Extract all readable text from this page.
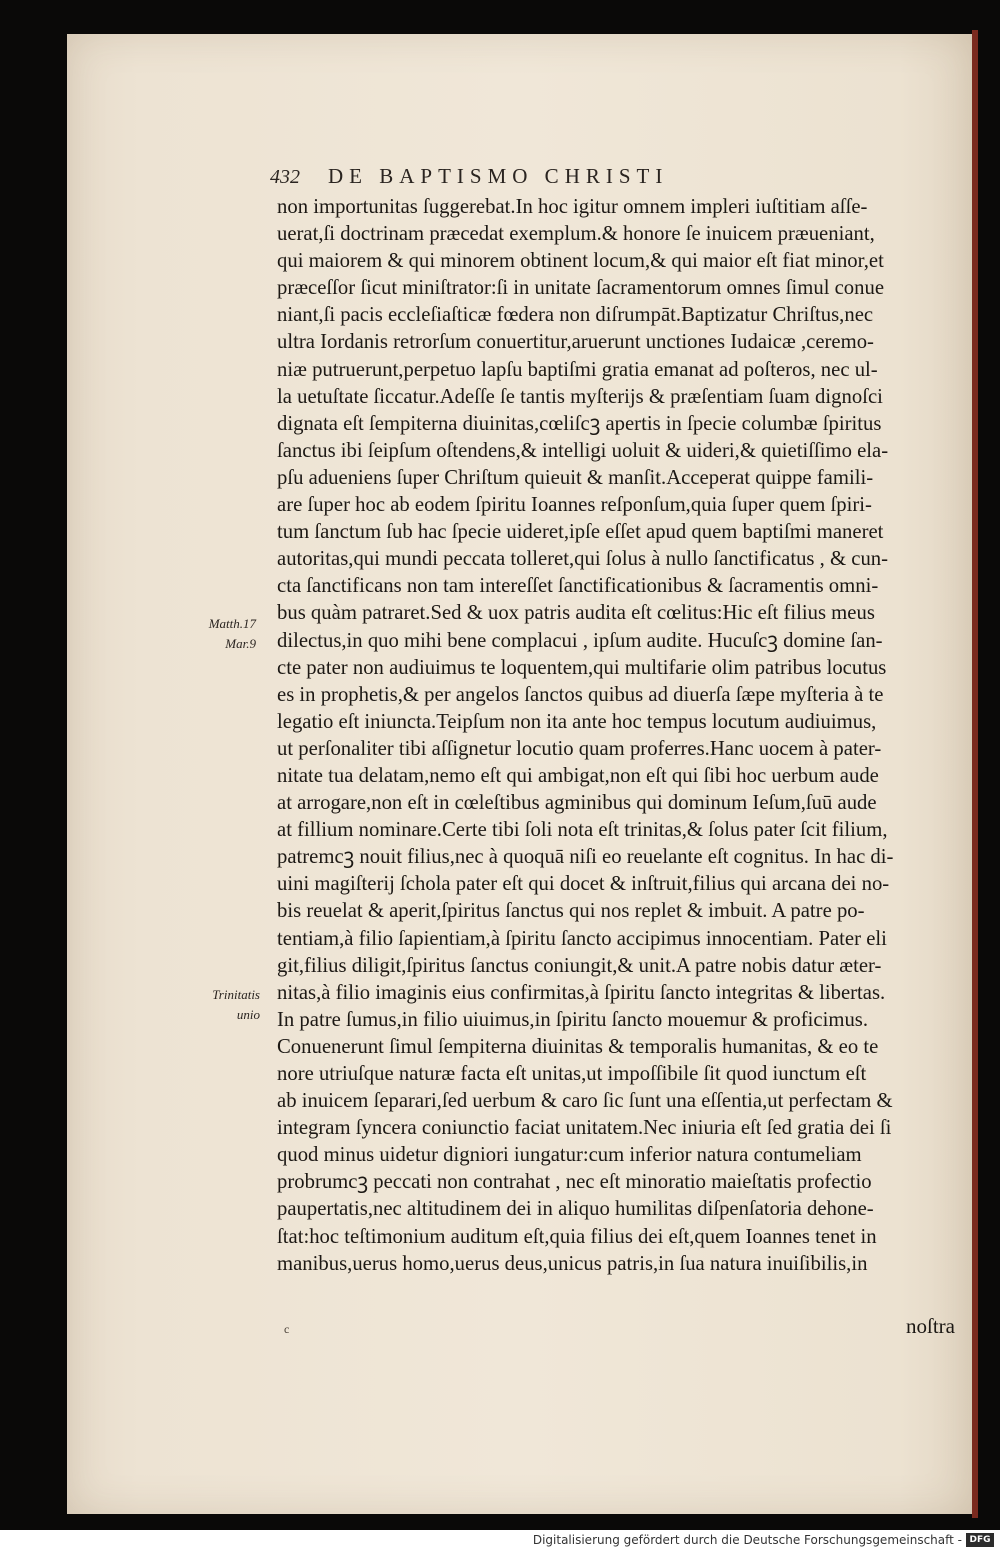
432 DE BAPTISMO CHRISTI
Matth.17
Mar.9
Trinitatis
unio
non importunitas ſuggerebat.In hoc igitur omnem impleri iuſtitiam aſſe-
uerat,ſi doctrinam præcedat exemplum.& honore ſe inuicem præueniant,
qui maiorem & qui minorem obtinent locum,& qui maior eſt fiat minor,et
præceſſor ſicut miniſtrator:ſi in unitate ſacramentorum omnes ſimul conue
niant,ſi pacis eccleſiaſticæ fœdera non diſrumpāt.Baptizatur Chriſtus,nec
ultra Iordanis retrorſum conuertitur,aruerunt unctiones Iudaicæ ,ceremo-
niæ putruerunt,perpetuo lapſu baptiſmi gratia emanat ad poſteros, nec ul-
la uetuſtate ſiccatur.Adeſſe ſe tantis myſterijs & præſentiam ſuam dignoſci
dignata eſt ſempiterna diuinitas,cœliſcꝫ apertis in ſpecie columbæ ſpiritus
ſanctus ibi ſeipſum oſtendens,& intelligi uoluit & uideri,& quietiſſimo ela-
pſu adueniens ſuper Chriſtum quieuit & manſit.Acceperat quippe famili-
are ſuper hoc ab eodem ſpiritu Ioannes reſponſum,quia ſuper quem ſpiri-
tum ſanctum ſub hac ſpecie uideret,ipſe eſſet apud quem baptiſmi maneret
autoritas,qui mundi peccata tolleret,qui ſolus à nullo ſanctificatus , & cun-
cta ſanctificans non tam intereſſet ſanctificationibus & ſacramentis omni-
bus quàm patraret.Sed & uox patris audita eſt cœlitus:Hic eſt filius meus
dilectus,in quo mihi bene complacui , ipſum audite. Hucuſcꝫ domine ſan-
cte pater non audiuimus te loquentem,qui multifarie olim patribus locutus
es in prophetis,& per angelos ſanctos quibus ad diuerſa ſæpe myſteria à te
legatio eſt iniuncta.Teipſum non ita ante hoc tempus locutum audiuimus,
ut perſonaliter tibi aſſignetur locutio quam proferres.Hanc uocem à pater-
nitate tua delatam,nemo eſt qui ambigat,non eſt qui ſibi hoc uerbum aude
at arrogare,non eſt in cœleſtibus agminibus qui dominum Ieſum,ſuū aude
at fillium nominare.Certe tibi ſoli nota eſt trinitas,& ſolus pater ſcit filium,
patremcꝫ nouit filius,nec à quoquā niſi eo reuelante eſt cognitus. In hac di-
uini magiſterij ſchola pater eſt qui docet & inſtruit,filius qui arcana dei no-
bis reuelat & aperit,ſpiritus ſanctus qui nos replet & imbuit. A patre po-
tentiam,à filio ſapientiam,à ſpiritu ſancto accipimus innocentiam. Pater eli
git,filius diligit,ſpiritus ſanctus coniungit,& unit.A patre nobis datur æter-
nitas,à filio imaginis eius confirmitas,à ſpiritu ſancto integritas & libertas.
In patre ſumus,in filio uiuimus,in ſpiritu ſancto mouemur & proficimus.
Conuenerunt ſimul ſempiterna diuinitas & temporalis humanitas, & eo te
nore utriuſque naturæ facta eſt unitas,ut impoſſibile ſit quod iunctum eſt
ab inuicem ſeparari,ſed uerbum & caro ſic ſunt una eſſentia,ut perfectam &
integram ſyncera coniunctio faciat unitatem.Nec iniuria eſt ſed gratia dei ſi
quod minus uidetur digniori iungatur:cum inferior natura contumeliam
probrumcꝫ peccati non contrahat , nec eſt minoratio maieſtatis profectio
paupertatis,nec altitudinem dei in aliquo humilitas diſpenſatoria dehone-
ſtat:hoc teſtimonium auditum eſt,quia filius dei eſt,quem Ioannes tenet in
manibus,uerus homo,uerus deus,unicus patris,in ſua natura inuiſibilis,in
c	noſtra
Digitalisierung gefördert durch die Deutsche Forschungsgemeinschaft - DFG
